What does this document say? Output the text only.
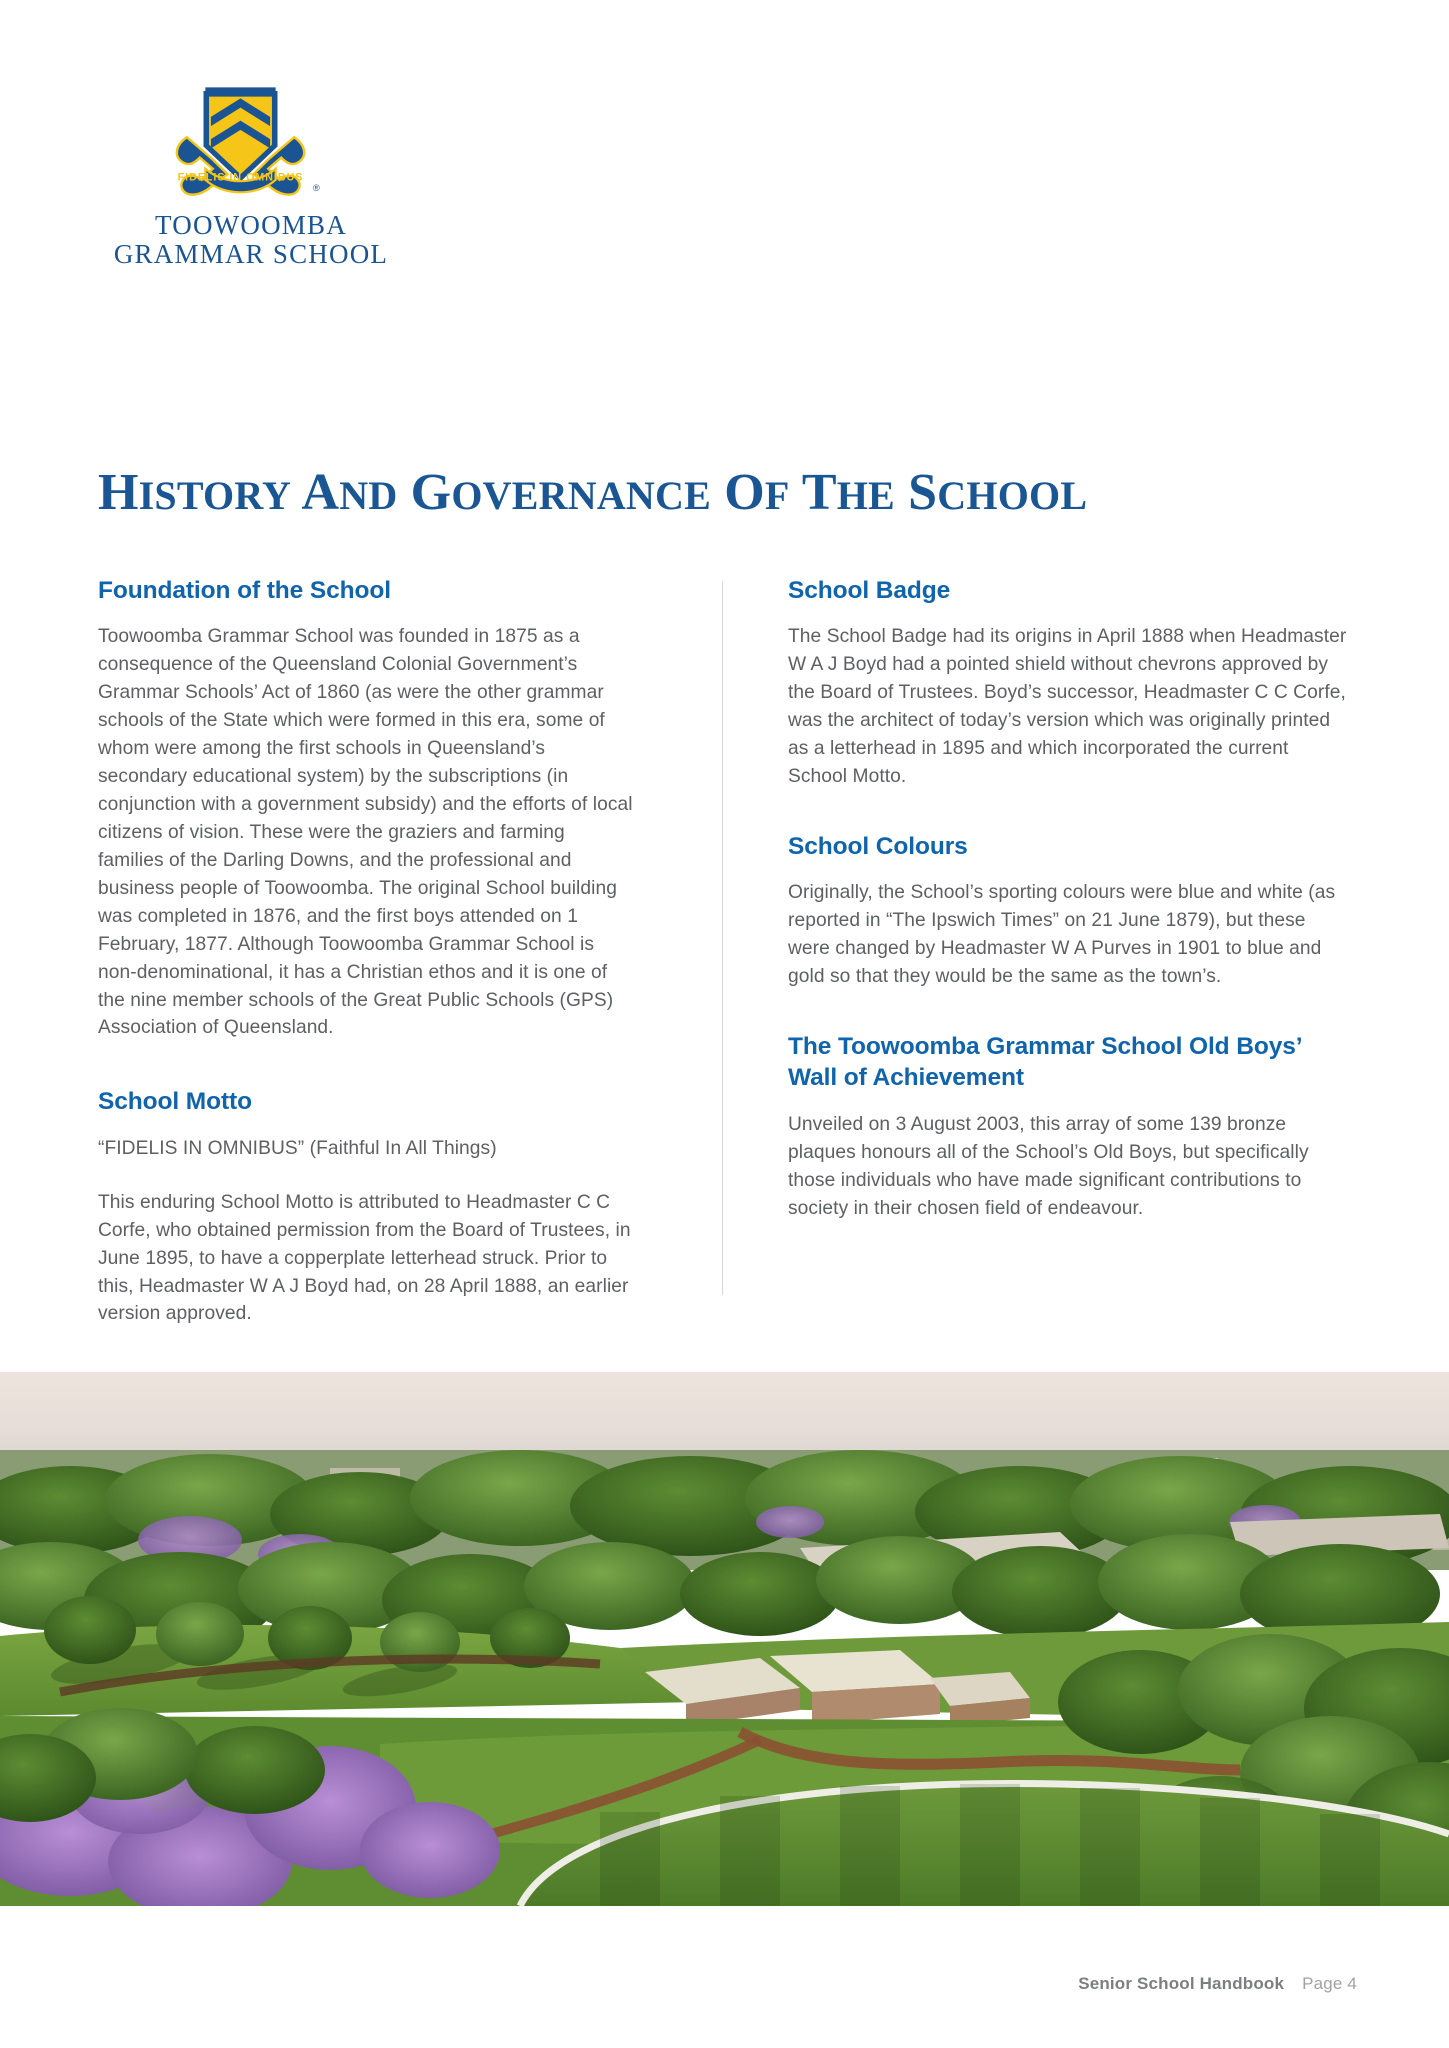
FIDELIS IN OMNIBUS
®
TOOWOOMBA
GRAMMAR SCHOOL
HISTORY AND GOVERNANCE OF THE SCHOOL
Foundation of the School

Toowoomba Grammar School was founded in 1875 as a consequence of the Queensland Colonial Government’s Grammar Schools’ Act of 1860 (as were the other grammar schools of the State which were formed in this era, some of whom were among the first schools in Queensland’s secondary educational system) by the subscriptions (in conjunction with a government subsidy) and the efforts of local citizens of vision. These were the graziers and farming families of the Darling Downs, and the professional and business people of Toowoomba. The original School building was completed in 1876, and the first boys attended on 1 February, 1877. Although Toowoomba Grammar School is non-denominational, it has a Christian ethos and it is one of the nine member schools of the Great Public Schools (GPS) Association of Queensland.

School Motto

“FIDELIS IN OMNIBUS” (Faithful In All Things)

This enduring School Motto is attributed to Headmaster C C Corfe, who obtained permission from the Board of Trustees, in June 1895, to have a copperplate letterhead struck. Prior to this, Headmaster W A J Boyd had, on 28 April 1888, an earlier version approved.

School Badge

The School Badge had its origins in April 1888 when Headmaster W A J Boyd had a pointed shield without chevrons approved by the Board of Trustees. Boyd’s successor, Headmaster C C Corfe, was the architect of today’s version which was originally printed as a letterhead in 1895 and which incorporated the current School Motto.

School Colours

Originally, the School’s sporting colours were blue and white (as reported in “The Ipswich Times” on 21 June 1879), but these were changed by Headmaster W A Purves in 1901 to blue and gold so that they would be the same as the town’s.

The Toowoomba Grammar School Old Boys’ Wall of Achievement

Unveiled on 3 August 2003, this array of some 139 bronze plaques honours all of the School’s Old Boys, but specifically those individuals who have made significant contributions to society in their chosen field of endeavour.

Senior School Handbook Page 4
